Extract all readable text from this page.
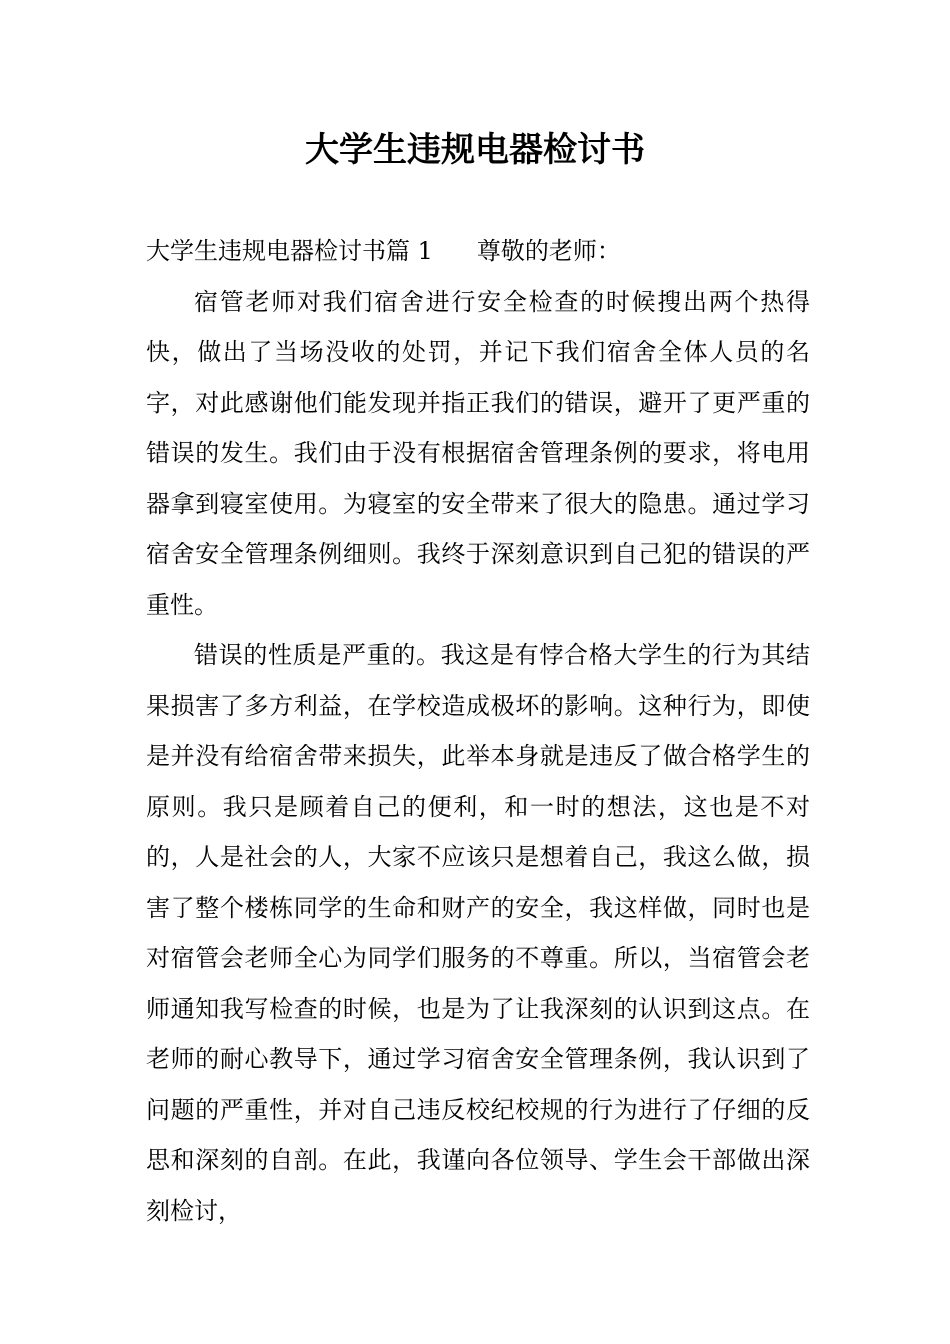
大学生违规电器检讨书

大学生违规电器检讨书篇 1 尊敬的老师：

宿管老师对我们宿舍进行安全检查的时候搜出两个热得快，做出了当场没收的处罚，并记下我们宿舍全体人员的名字，对此感谢他们能发现并指正我们的错误，避开了更严重的错误的发生。我们由于没有根据宿舍管理条例的要求，将电用器拿到寝室使用。为寝室的安全带来了很大的隐患。通过学习宿舍安全管理条例细则。我终于深刻意识到自己犯的错误的严重性。

错误的性质是严重的。我这是有悖合格大学生的行为其结果损害了多方利益，在学校造成极坏的影响。这种行为，即使是并没有给宿舍带来损失，此举本身就是违反了做合格学生的原则。我只是顾着自己的便利，和一时的想法，这也是不对的，人是社会的人，大家不应该只是想着自己，我这么做，损害了整个楼栋同学的生命和财产的安全，我这样做，同时也是对宿管会老师全心为同学们服务的不尊重。所以，当宿管会老师通知我写检查的时候，也是为了让我深刻的认识到这点。在老师的耐心教导下，通过学习宿舍安全管理条例，我认识到了问题的严重性，并对自己违反校纪校规的行为进行了仔细的反思和深刻的自剖。在此，我谨向各位领导、学生会干部做出深刻检讨，
